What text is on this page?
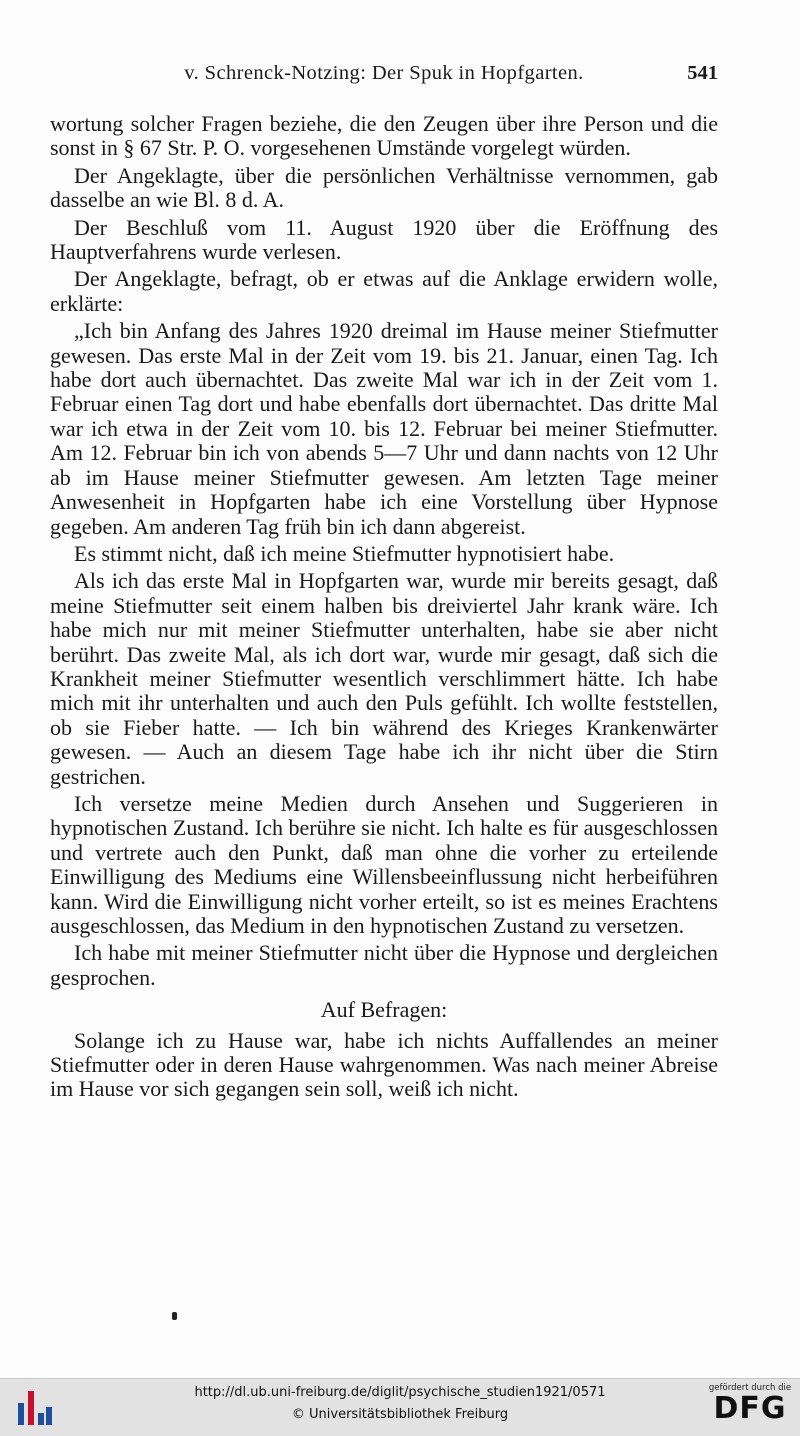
v. Schrenck-Notzing: Der Spuk in Hopfgarten.	541

wortung solcher Fragen beziehe, die den Zeugen über ihre Person und die sonst in § 67 Str. P. O. vorgesehenen Umstände vorgelegt würden.

Der Angeklagte, über die persönlichen Verhältnisse vernommen, gab dasselbe an wie Bl. 8 d. A.

Der Beschluß vom 11. August 1920 über die Eröffnung des Hauptverfahrens wurde verlesen.

Der Angeklagte, befragt, ob er etwas auf die Anklage erwidern wolle, erklärte:

„Ich bin Anfang des Jahres 1920 dreimal im Hause meiner Stiefmutter gewesen. Das erste Mal in der Zeit vom 19. bis 21. Januar, einen Tag. Ich habe dort auch übernachtet. Das zweite Mal war ich in der Zeit vom 1. Februar einen Tag dort und habe ebenfalls dort übernachtet. Das dritte Mal war ich etwa in der Zeit vom 10. bis 12. Februar bei meiner Stiefmutter. Am 12. Februar bin ich von abends 5—7 Uhr und dann nachts von 12 Uhr ab im Hause meiner Stiefmutter gewesen. Am letzten Tage meiner Anwesenheit in Hopfgarten habe ich eine Vorstellung über Hypnose gegeben. Am anderen Tag früh bin ich dann abgereist.

Es stimmt nicht, daß ich meine Stiefmutter hypnotisiert habe.

Als ich das erste Mal in Hopfgarten war, wurde mir bereits gesagt, daß meine Stiefmutter seit einem halben bis dreiviertel Jahr krank wäre. Ich habe mich nur mit meiner Stiefmutter unterhalten, habe sie aber nicht berührt. Das zweite Mal, als ich dort war, wurde mir gesagt, daß sich die Krankheit meiner Stiefmutter wesentlich verschlimmert hätte. Ich habe mich mit ihr unterhalten und auch den Puls gefühlt. Ich wollte feststellen, ob sie Fieber hatte. — Ich bin während des Krieges Krankenwärter gewesen. — Auch an diesem Tage habe ich ihr nicht über die Stirn gestrichen.

Ich versetze meine Medien durch Ansehen und Suggerieren in hypnotischen Zustand. Ich berühre sie nicht. Ich halte es für ausgeschlossen und vertrete auch den Punkt, daß man ohne die vorher zu erteilende Einwilligung des Mediums eine Willensbeeinflussung nicht herbeiführen kann. Wird die Einwilligung nicht vorher erteilt, so ist es meines Erachtens ausgeschlossen, das Medium in den hypnotischen Zustand zu versetzen.

Ich habe mit meiner Stiefmutter nicht über die Hypnose und dergleichen gesprochen.

Auf Befragen:

Solange ich zu Hause war, habe ich nichts Auffallendes an meiner Stiefmutter oder in deren Hause wahrgenommen. Was nach meiner Abreise im Hause vor sich gegangen sein soll, weiß ich nicht.

http://dl.ub.uni-freiburg.de/diglit/psychische_studien1921/0571
© Universitätsbibliothek Freiburg
gefördert durch die
DFG
